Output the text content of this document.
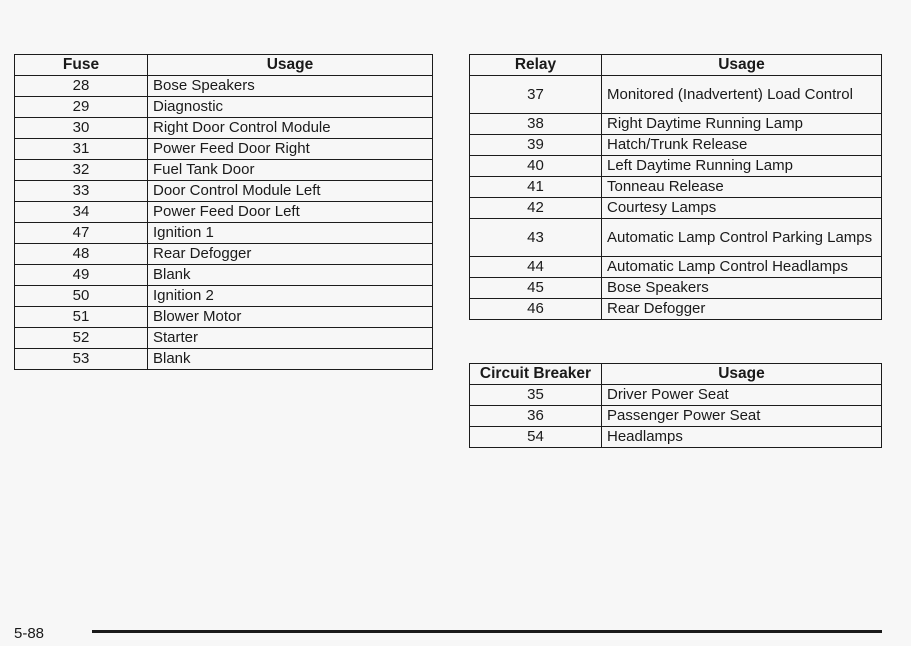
Fuse	Usage
28	Bose Speakers
29	Diagnostic
30	Right Door Control Module
31	Power Feed Door Right
32	Fuel Tank Door
33	Door Control Module Left
34	Power Feed Door Left
47	Ignition 1
48	Rear Defogger
49	Blank
50	Ignition 2
51	Blower Motor
52	Starter
53	Blank
Relay	Usage
37	Monitored (Inadvertent) Load Control
38	Right Daytime Running Lamp
39	Hatch/Trunk Release
40	Left Daytime Running Lamp
41	Tonneau Release
42	Courtesy Lamps
43	Automatic Lamp Control Parking Lamps
44	Automatic Lamp Control Headlamps
45	Bose Speakers
46	Rear Defogger
Circuit Breaker	Usage
35	Driver Power Seat
36	Passenger Power Seat
54	Headlamps
5-88
